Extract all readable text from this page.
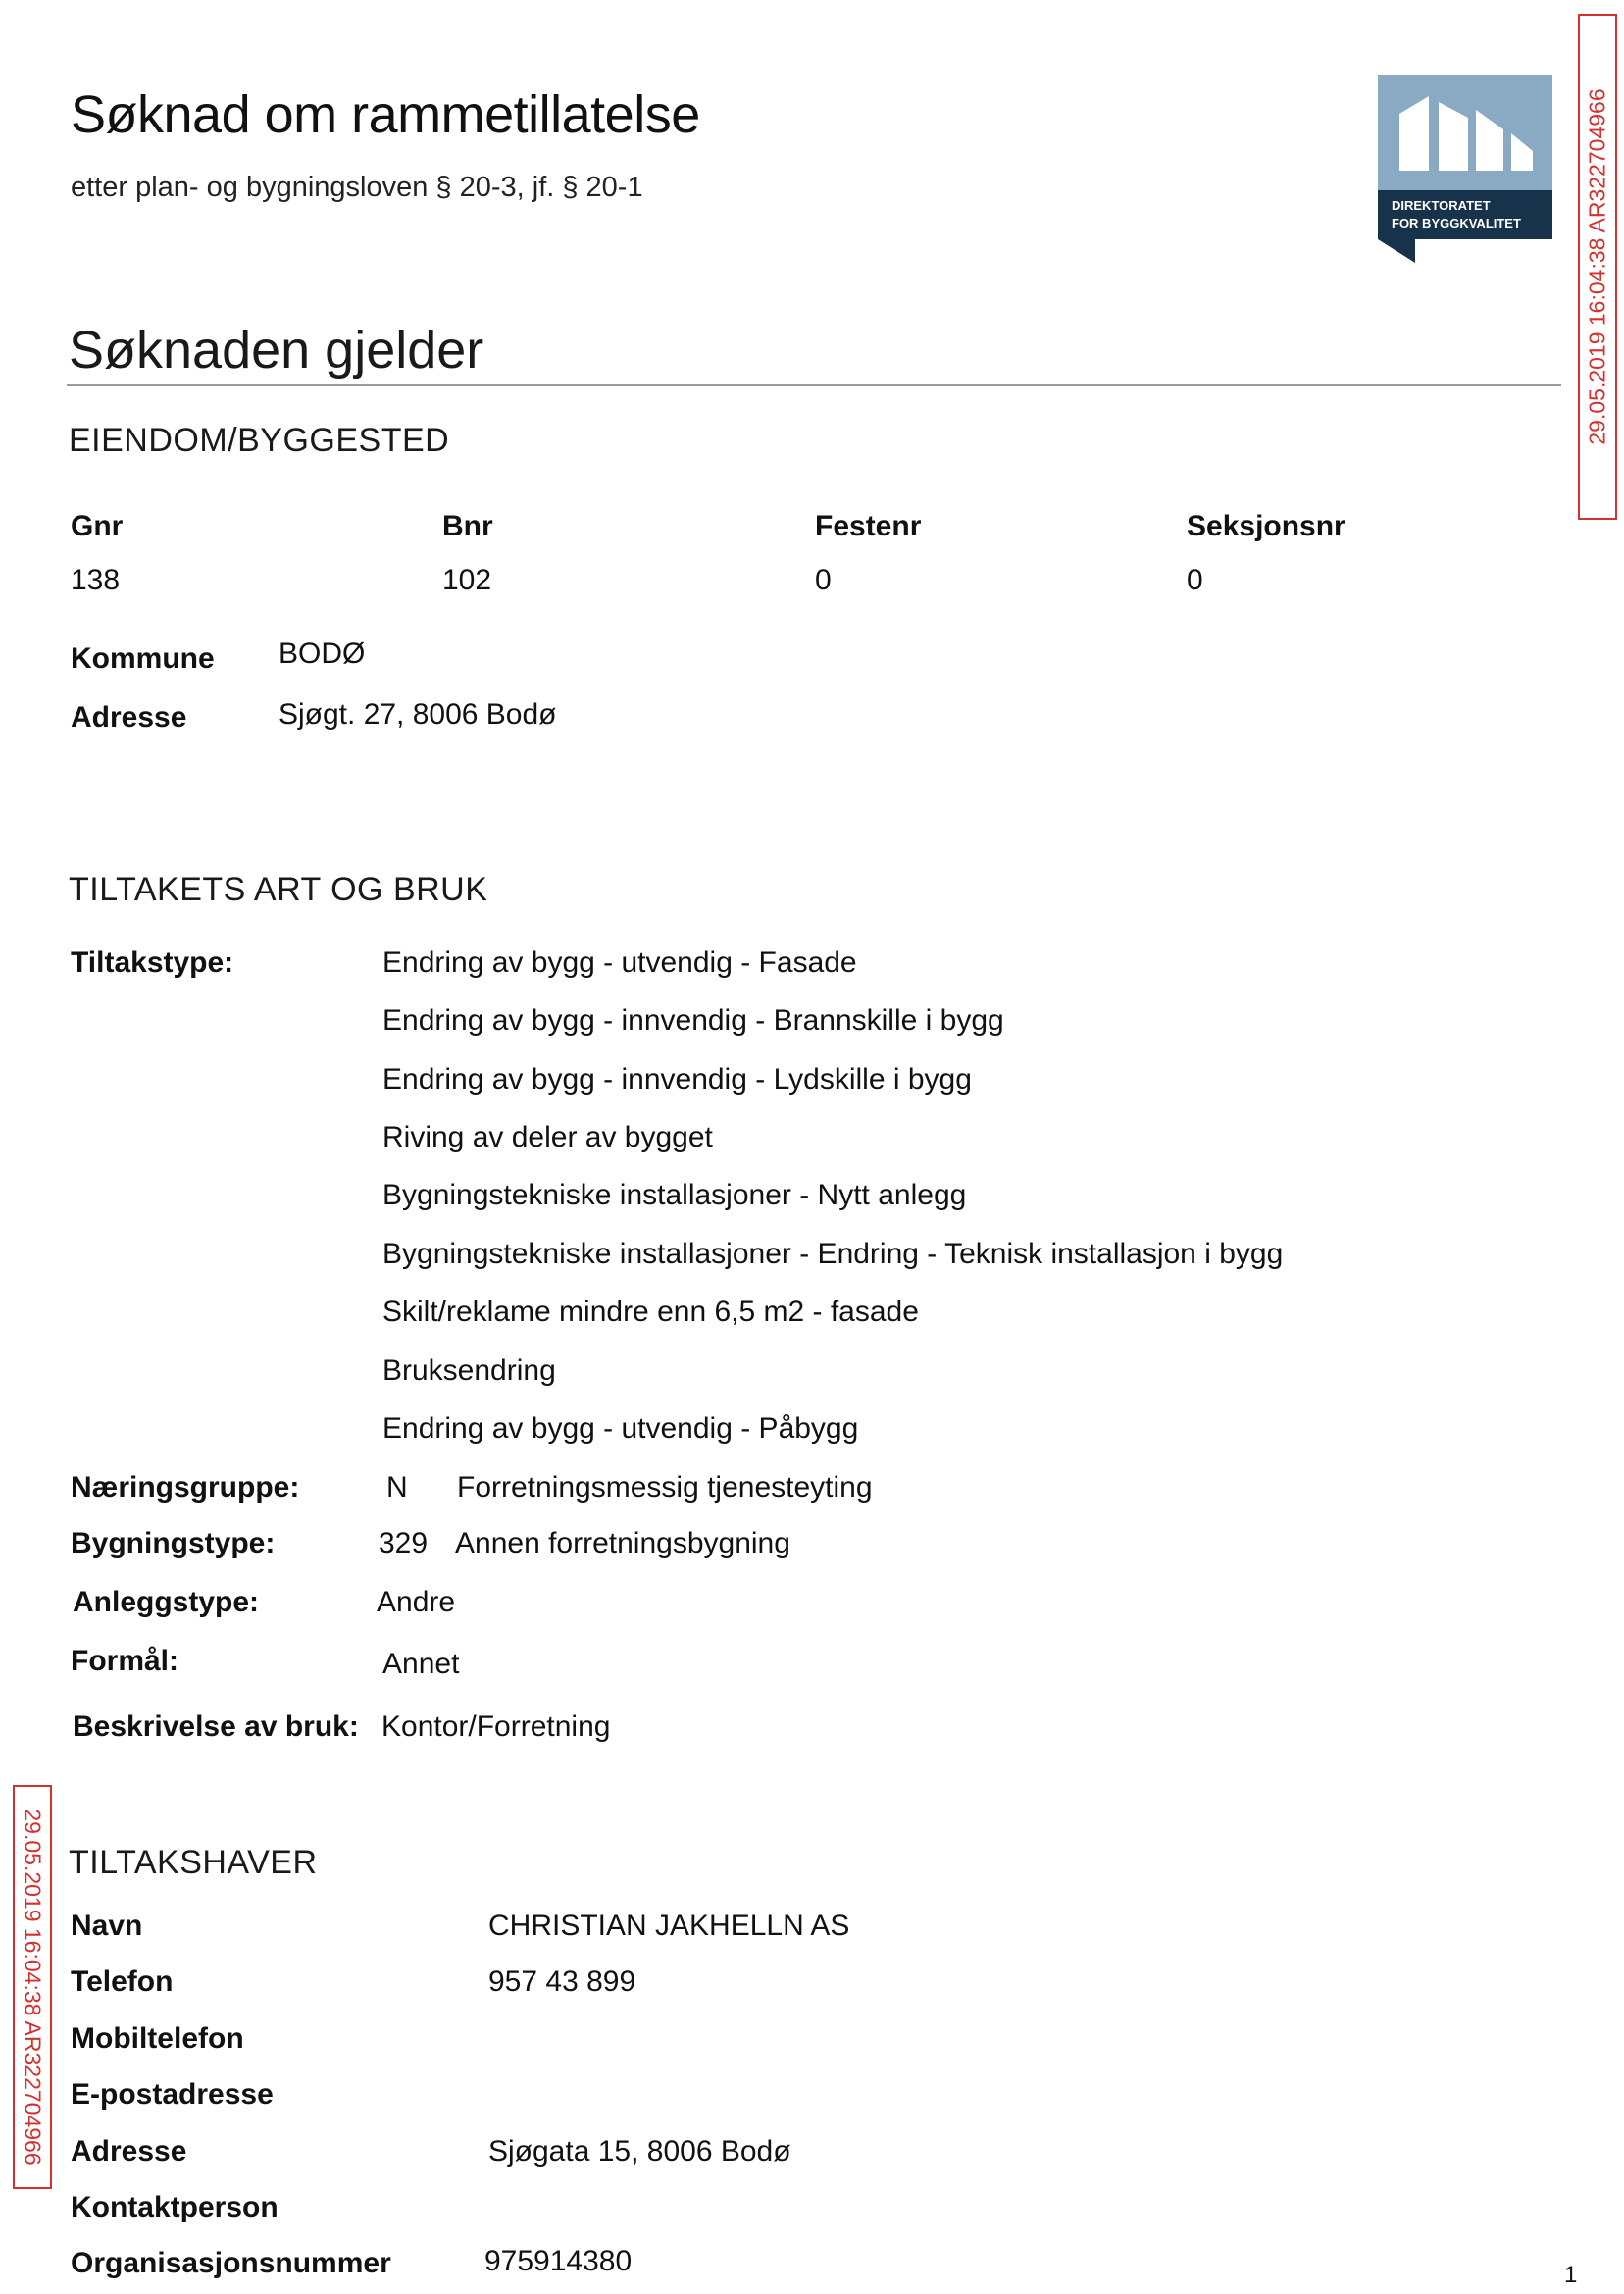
Søknad om rammetillatelse
etter plan- og bygningsloven § 20-3, jf. § 20-1
DIREKTORATET
FOR BYGGKVALITET	29.05.2019 16:04:38 AR322704966
29.05.2019 16:04:38 AR322704966
Søknaden gjelder
EIENDOM/BYGGESTED
Gnr	Bnr	Festenr	Seksjonsnr
138	102	0	0
Kommune BODØ
Adresse	Sjøgt. 27, 8006 Bodø
TILTAKETS ART OG BRUK
Tiltakstype:	Endring av bygg - utvendig - Fasade
Endring av bygg - innvendig - Brannskille i bygg
Endring av bygg - innvendig - Lydskille i bygg
Riving av deler av bygget
Bygningstekniske installasjoner - Nytt anlegg
Bygningstekniske installasjoner - Endring - Teknisk installasjon i bygg
Skilt/reklame mindre enn 6,5 m2 - fasade
Bruksendring
Endring av bygg - utvendig - Påbygg
Næringsgruppe:	N Forretningsmessig tjenesteyting
Bygningstype:	329 Annen forretningsbygning
Anleggstype:	Andre
Formål:	Annet
Beskrivelse av bruk: Kontor/Forretning
TILTAKSHAVER
Navn	CHRISTIAN JAKHELLN AS
Telefon	957 43 899
Mobiltelefon
E-postadresse
Adresse	Sjøgata 15, 8006 Bodø
Kontaktperson
Organisasjonsnummer	975914380	1
